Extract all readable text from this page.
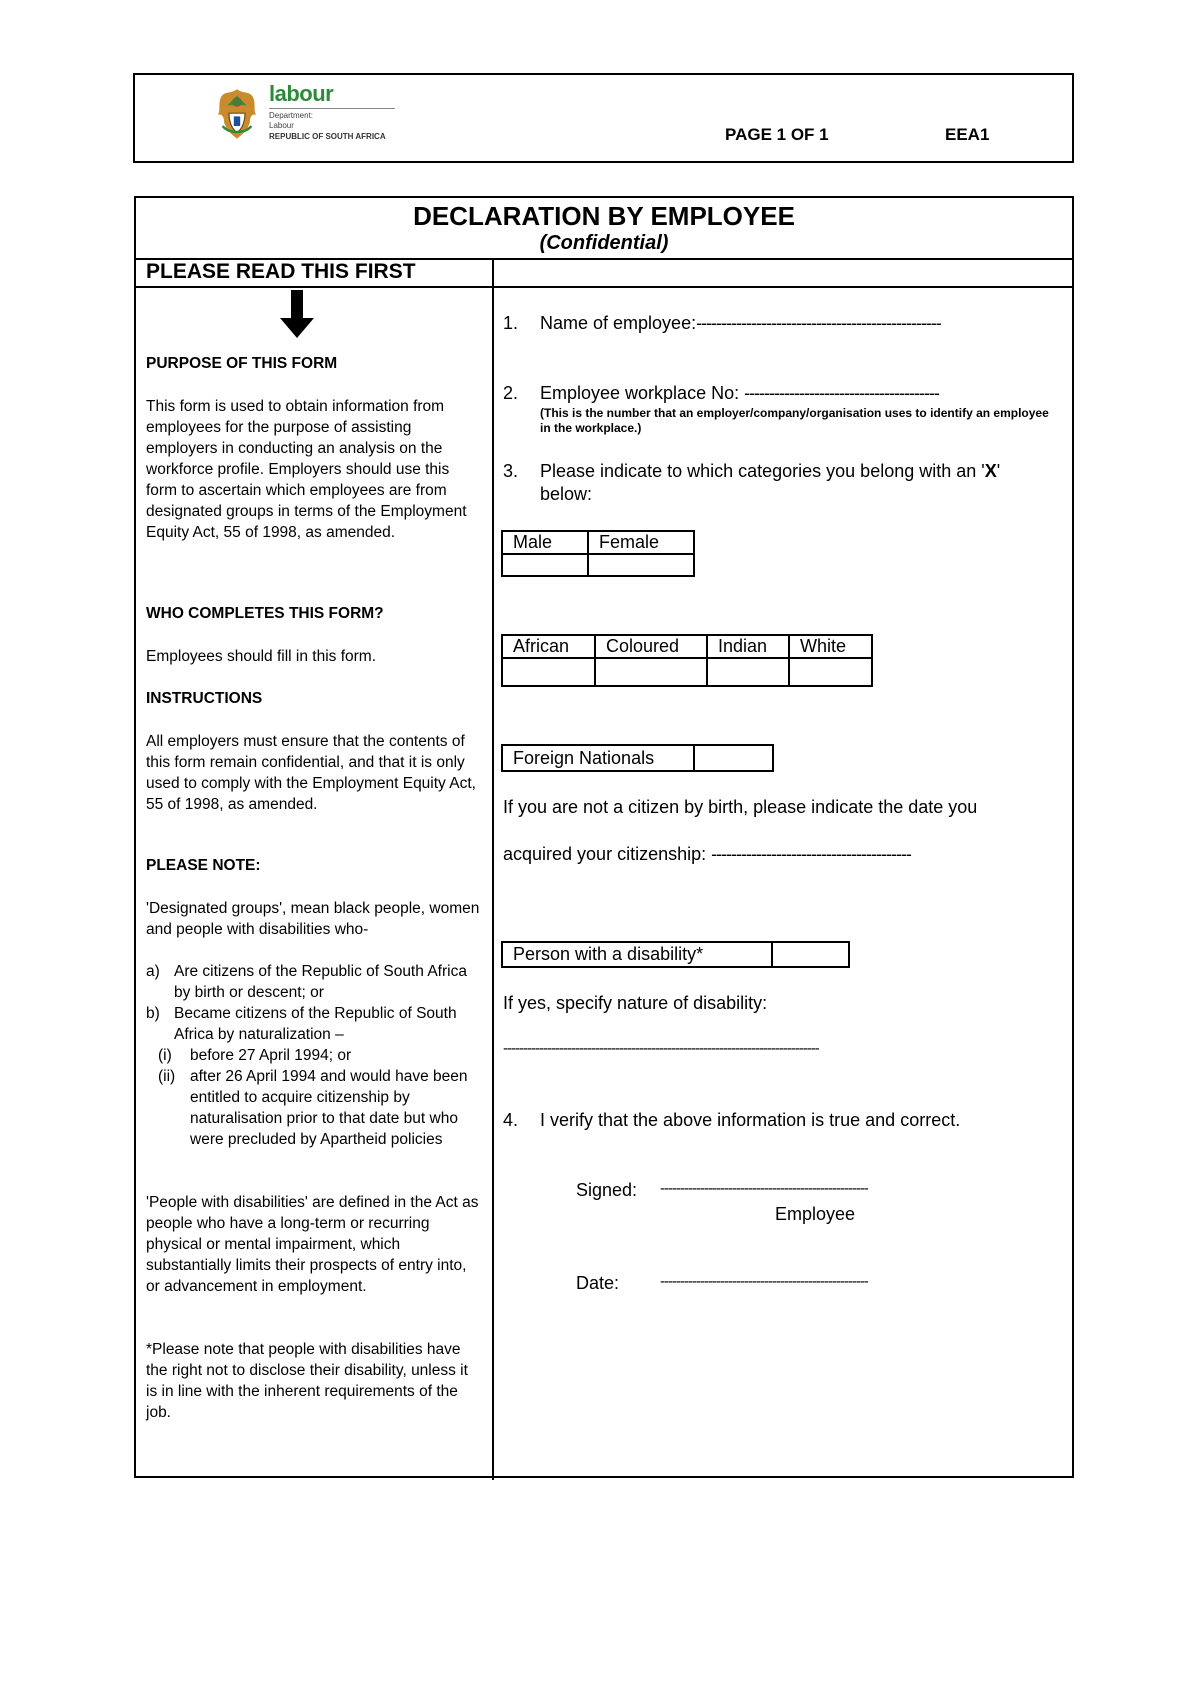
labour
Department:
Labour
REPUBLIC OF SOUTH AFRICA	PAGE 1 OF 1	EEA1
DECLARATION BY EMPLOYEE
(Confidential)
PLEASE READ THIS FIRST
PURPOSE OF THIS FORM
This form is used to obtain information from employees for the purpose of assisting employers in conducting an analysis on the workforce profile. Employers should use this form to ascertain which employees are from designated groups in terms of the Employment Equity Act, 55 of 1998, as amended.
WHO COMPLETES THIS FORM?
Employees should fill in this form.
INSTRUCTIONS
All employers must ensure that the contents of this form remain confidential, and that it is only used to comply with the Employment Equity Act, 55 of 1998, as amended.
PLEASE NOTE:
'Designated groups', mean black people, women and people with disabilities who-
a) Are citizens of the Republic of South Africa by birth or descent; or
b) Became citizens of the Republic of South Africa by naturalization –
(i)	before 27 April 1994; or
(ii) after 26 April 1994 and would have been entitled to acquire citizenship by naturalisation prior to that date but who were precluded by Apartheid policies
'People with disabilities' are defined in the Act as people who have a long-term or recurring physical or mental impairment, which substantially limits their prospects of entry into, or advancement in employment.
*Please note that people with disabilities have the right not to disclose their disability, unless it is in line with the inherent requirements of the job.
1. Name of employee:-------------------------------------------------
2. Employee workplace No: ---------------------------------------
(This is the number that an employer/company/organisation uses to identify an employee in the workplace.)
3. Please indicate to which categories you belong with an 'X'
below:
Male	Female

African	Coloured	Indian	White

Foreign Nationals	
If you are not a citizen by birth, please indicate the date you
acquired your citizenship: ----------------------------------------
Person with a disability*	
If yes, specify nature of disability:
-------------------------------------------------------------------------------
4. I verify that the above information is true and correct.
Signed: ----------------------------------------------------
Employee
Date:	----------------------------------------------------
